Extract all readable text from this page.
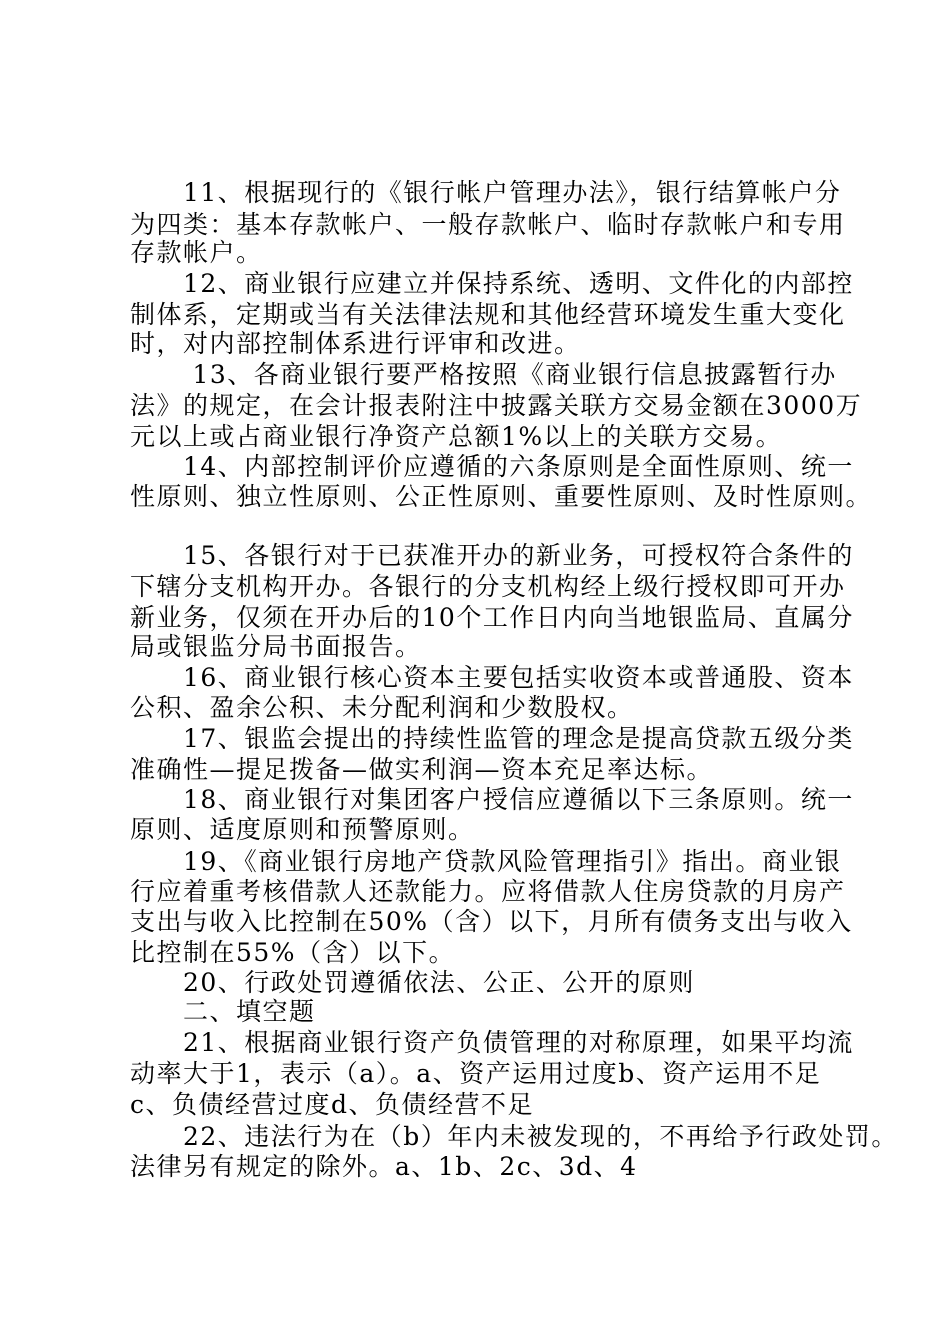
　　11、根据现行的《银行帐户管理办法》，银行结算帐户分
为四类：基本存款帐户、一般存款帐户、临时存款帐户和专用
存款帐户。
　　12、商业银行应建立并保持系统、透明、文件化的内部控
制体系，定期或当有关法律法规和其他经营环境发生重大变化
时，对内部控制体系进行评审和改进。
　　 13、各商业银行要严格按照《商业银行信息披露暂行办
法》的规定，在会计报表附注中披露关联方交易金额在3000万
元以上或占商业银行净资产总额1%以上的关联方交易。
　　14、内部控制评价应遵循的六条原则是全面性原则、统一
性原则、独立性原则、公正性原则、重要性原则、及时性原则。
　　15、各银行对于已获准开办的新业务，可授权符合条件的
下辖分支机构开办。各银行的分支机构经上级行授权即可开办
新业务，仅须在开办后的10个工作日内向当地银监局、直属分
局或银监分局书面报告。
　　16、商业银行核心资本主要包括实收资本或普通股、资本
公积、盈余公积、未分配利润和少数股权。
　　17、银监会提出的持续性监管的理念是提高贷款五级分类
准确性—提足拨备—做实利润—资本充足率达标。
　　18、商业银行对集团客户授信应遵循以下三条原则。统一
原则、适度原则和预警原则。
　　19、《商业银行房地产贷款风险管理指引》指出。商业银
行应着重考核借款人还款能力。应将借款人住房贷款的月房产
支出与收入比控制在50%（含）以下，月所有债务支出与收入
比控制在55%（含）以下。
　　20、行政处罚遵循依法、公正、公开的原则
　　二、填空题
　　21、根据商业银行资产负债管理的对称原理，如果平均流
动率大于1，表示（a）。a、资产运用过度b、资产运用不足
c、负债经营过度d、负债经营不足
　　22、违法行为在（b）年内未被发现的，不再给予行政处罚。
法律另有规定的除外。a、1b、2c、3d、4
